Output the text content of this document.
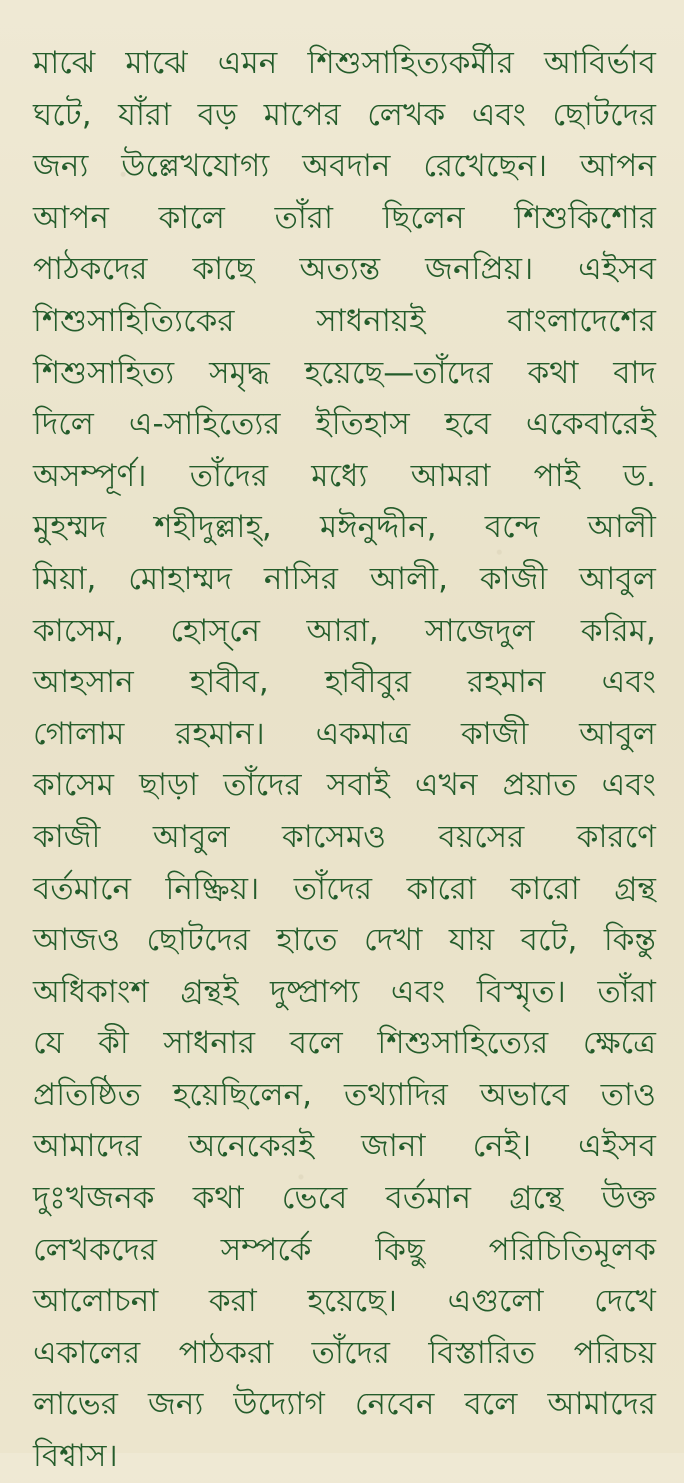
মাঝে মাঝে এমন শিশুসাহিত্যকর্মীর আবির্ভাব
ঘটে, যাঁরা বড় মাপের লেখক এবং ছোটদের
জন্য উল্লেখযোগ্য অবদান রেখেছেন। আপন
আপন কালে তাঁরা ছিলেন শিশুকিশোর
পাঠকদের কাছে অত্যন্ত জনপ্রিয়। এইসব
শিশুসাহিত্যিকের সাধনায়ই বাংলাদেশের
শিশুসাহিত্য সমৃদ্ধ হয়েছে—তাঁদের কথা বাদ
দিলে এ-সাহিত্যের ইতিহাস হবে একেবারেই
অসম্পূর্ণ। তাঁদের মধ্যে আমরা পাই ড.
মুহম্মদ শহীদুল্লাহ্, মঈনুদ্দীন, বন্দে আলী
মিয়া, মোহাম্মদ নাসির আলী, কাজী আবুল
কাসেম, হোস্‌নে আরা, সাজেদুল করিম,
আহসান হাবীব, হাবীবুর রহমান এবং
গোলাম রহমান। একমাত্র কাজী আবুল
কাসেম ছাড়া তাঁদের সবাই এখন প্রয়াত এবং
কাজী আবুল কাসেমও বয়সের কারণে
বর্তমানে নিষ্ক্রিয়। তাঁদের কারো কারো গ্রন্থ
আজও ছোটদের হাতে দেখা যায় বটে, কিন্তু
অধিকাংশ গ্রন্থই দুষ্প্রাপ্য এবং বিস্মৃত। তাঁরা
যে কী সাধনার বলে শিশুসাহিত্যের ক্ষেত্রে
প্রতিষ্ঠিত হয়েছিলেন, তথ্যাদির অভাবে তাও
আমাদের অনেকেরই জানা নেই। এইসব
দুঃখজনক কথা ভেবে বর্তমান গ্রন্থে উক্ত
লেখকদের সম্পর্কে কিছু পরিচিতিমূলক
আলোচনা করা হয়েছে। এগুলো দেখে
একালের পাঠকরা তাঁদের বিস্তারিত পরিচয়
লাভের জন্য উদ্যোগ নেবেন বলে আমাদের
বিশ্বাস।
